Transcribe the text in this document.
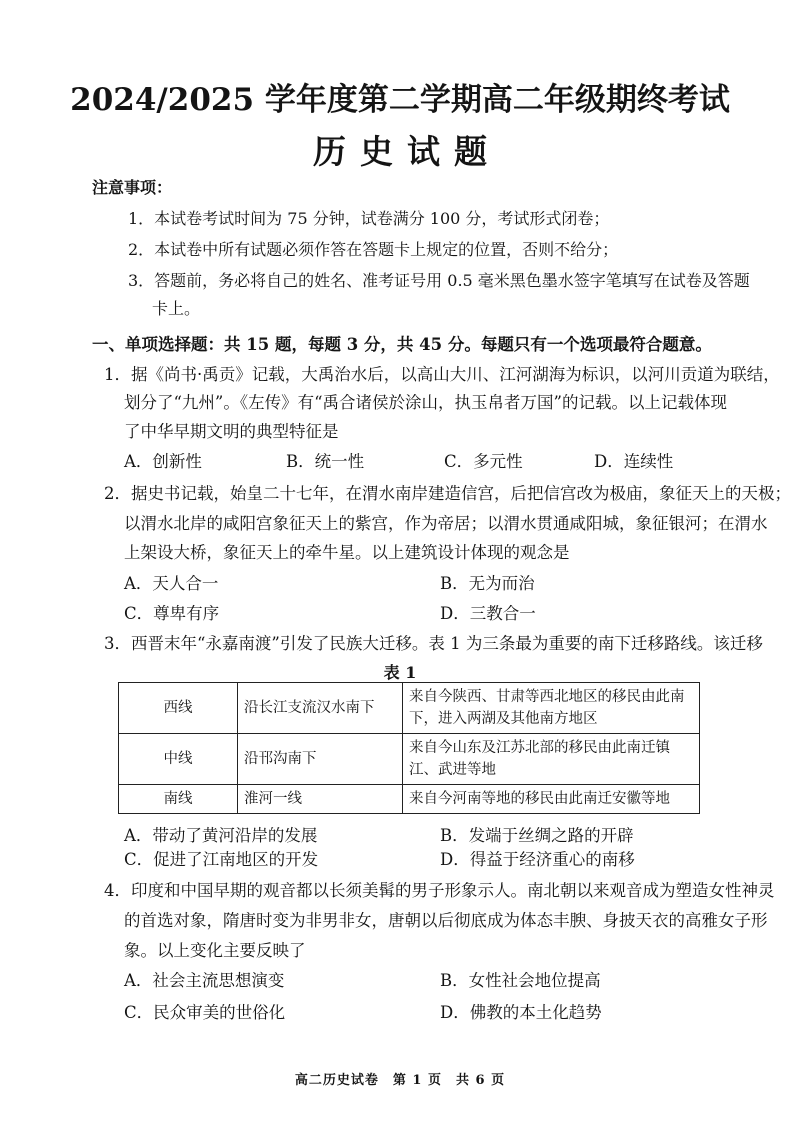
2024/2025 学年度第二学期高二年级期终考试
历史试题
注意事项：
1．本试卷考试时间为 75 分钟，试卷满分 100 分，考试形式闭卷；
2．本试卷中所有试题必须作答在答题卡上规定的位置，否则不给分；
3．答题前，务必将自己的姓名、准考证号用 0.5 毫米黑色墨水签字笔填写在试卷及答题
卡上。
一、单项选择题：共 15 题，每题 3 分，共 45 分。每题只有一个选项最符合题意。
1．据《尚书·禹贡》记载，大禹治水后，以高山大川、江河湖海为标识，以河川贡道为联结，
划分了“九州”。《左传》有“禹合诸侯於涂山，执玉帛者万国”的记载。以上记载体现
了中华早期文明的典型特征是
A．创新性	B．统一性	C．多元性	D．连续性
2．据史书记载，始皇二十七年，在渭水南岸建造信宫，后把信宫改为极庙，象征天上的天极；
以渭水北岸的咸阳宫象征天上的紫宫，作为帝居；以渭水贯通咸阳城，象征银河；在渭水
上架设大桥，象征天上的牵牛星。以上建筑设计体现的观念是
A．天人合一	B．无为而治
C．尊卑有序	D．三教合一
3．西晋末年“永嘉南渡”引发了民族大迁移。表 1 为三条最为重要的南下迁移路线。该迁移
表 1
西线	沿长江支流汉水南下	来自今陕西、甘肃等西北地区的移民由此南下，进入两湖及其他南方地区
中线	沿邗沟南下	来自今山东及江苏北部的移民由此南迁镇江、武进等地
南线	淮河一线	来自今河南等地的移民由此南迁安徽等地
A．带动了黄河沿岸的发展	B．发端于丝绸之路的开辟
C．促进了江南地区的开发	D．得益于经济重心的南移
4．印度和中国早期的观音都以长须美髯的男子形象示人。南北朝以来观音成为塑造女性神灵
的首选对象，隋唐时变为非男非女，唐朝以后彻底成为体态丰腴、身披天衣的高雅女子形
象。以上变化主要反映了
A．社会主流思想演变	B．女性社会地位提高
C．民众审美的世俗化	D．佛教的本土化趋势
高二历史试卷　第 1 页　共 6 页
